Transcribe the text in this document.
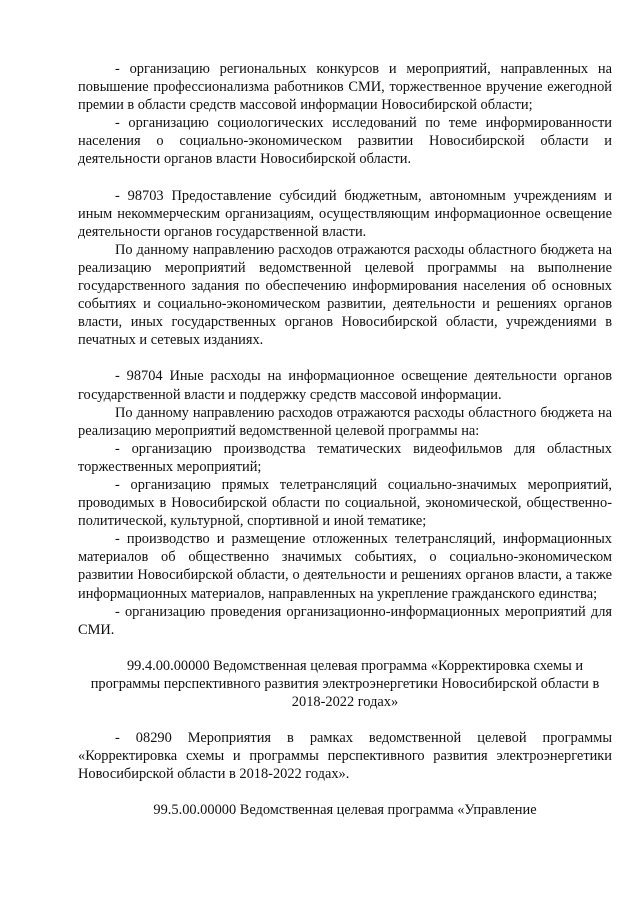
- организацию региональных конкурсов и мероприятий, направленных на повышение профессионализма работников СМИ, торжественное вручение ежегодной премии в области средств массовой информации Новосибирской области;

- организацию социологических исследований по теме информированности населения о социально-экономическом развитии Новосибирской области и деятельности органов власти Новосибирской области.

- 98703 Предоставление субсидий бюджетным, автономным учреждениям и иным некоммерческим организациям, осуществляющим информационное освещение деятельности органов государственной власти.

По данному направлению расходов отражаются расходы областного бюджета на реализацию мероприятий ведомственной целевой программы на выполнение государственного задания по обеспечению информирования населения об основных событиях и социально-экономическом развитии, деятельности и решениях органов власти, иных государственных органов Новосибирской области, учреждениями в печатных и сетевых изданиях.

- 98704 Иные расходы на информационное освещение деятельности органов государственной власти и поддержку средств массовой информации.

По данному направлению расходов отражаются расходы областного бюджета на реализацию мероприятий ведомственной целевой программы на:

- организацию производства тематических видеофильмов для областных торжественных мероприятий;

- организацию прямых телетрансляций социально-значимых мероприятий, проводимых в Новосибирской области по социальной, экономической, общественно-политической, культурной, спортивной и иной тематике;

- производство и размещение отложенных телетрансляций, информационных материалов об общественно значимых событиях, о социально-экономическом развитии Новосибирской области, о деятельности и решениях органов власти, а также информационных материалов, направленных на укрепление гражданского единства;

- организацию проведения организационно-информационных мероприятий для СМИ.

99.4.00.00000 Ведомственная целевая программа «Корректировка схемы и программы перспективного развития электроэнергетики Новосибирской области в 2018-2022 годах»

- 08290 Мероприятия в рамках ведомственной целевой программы «Корректировка схемы и программы перспективного развития электроэнергетики Новосибирской области в 2018-2022 годах».

99.5.00.00000 Ведомственная целевая программа «Управление
